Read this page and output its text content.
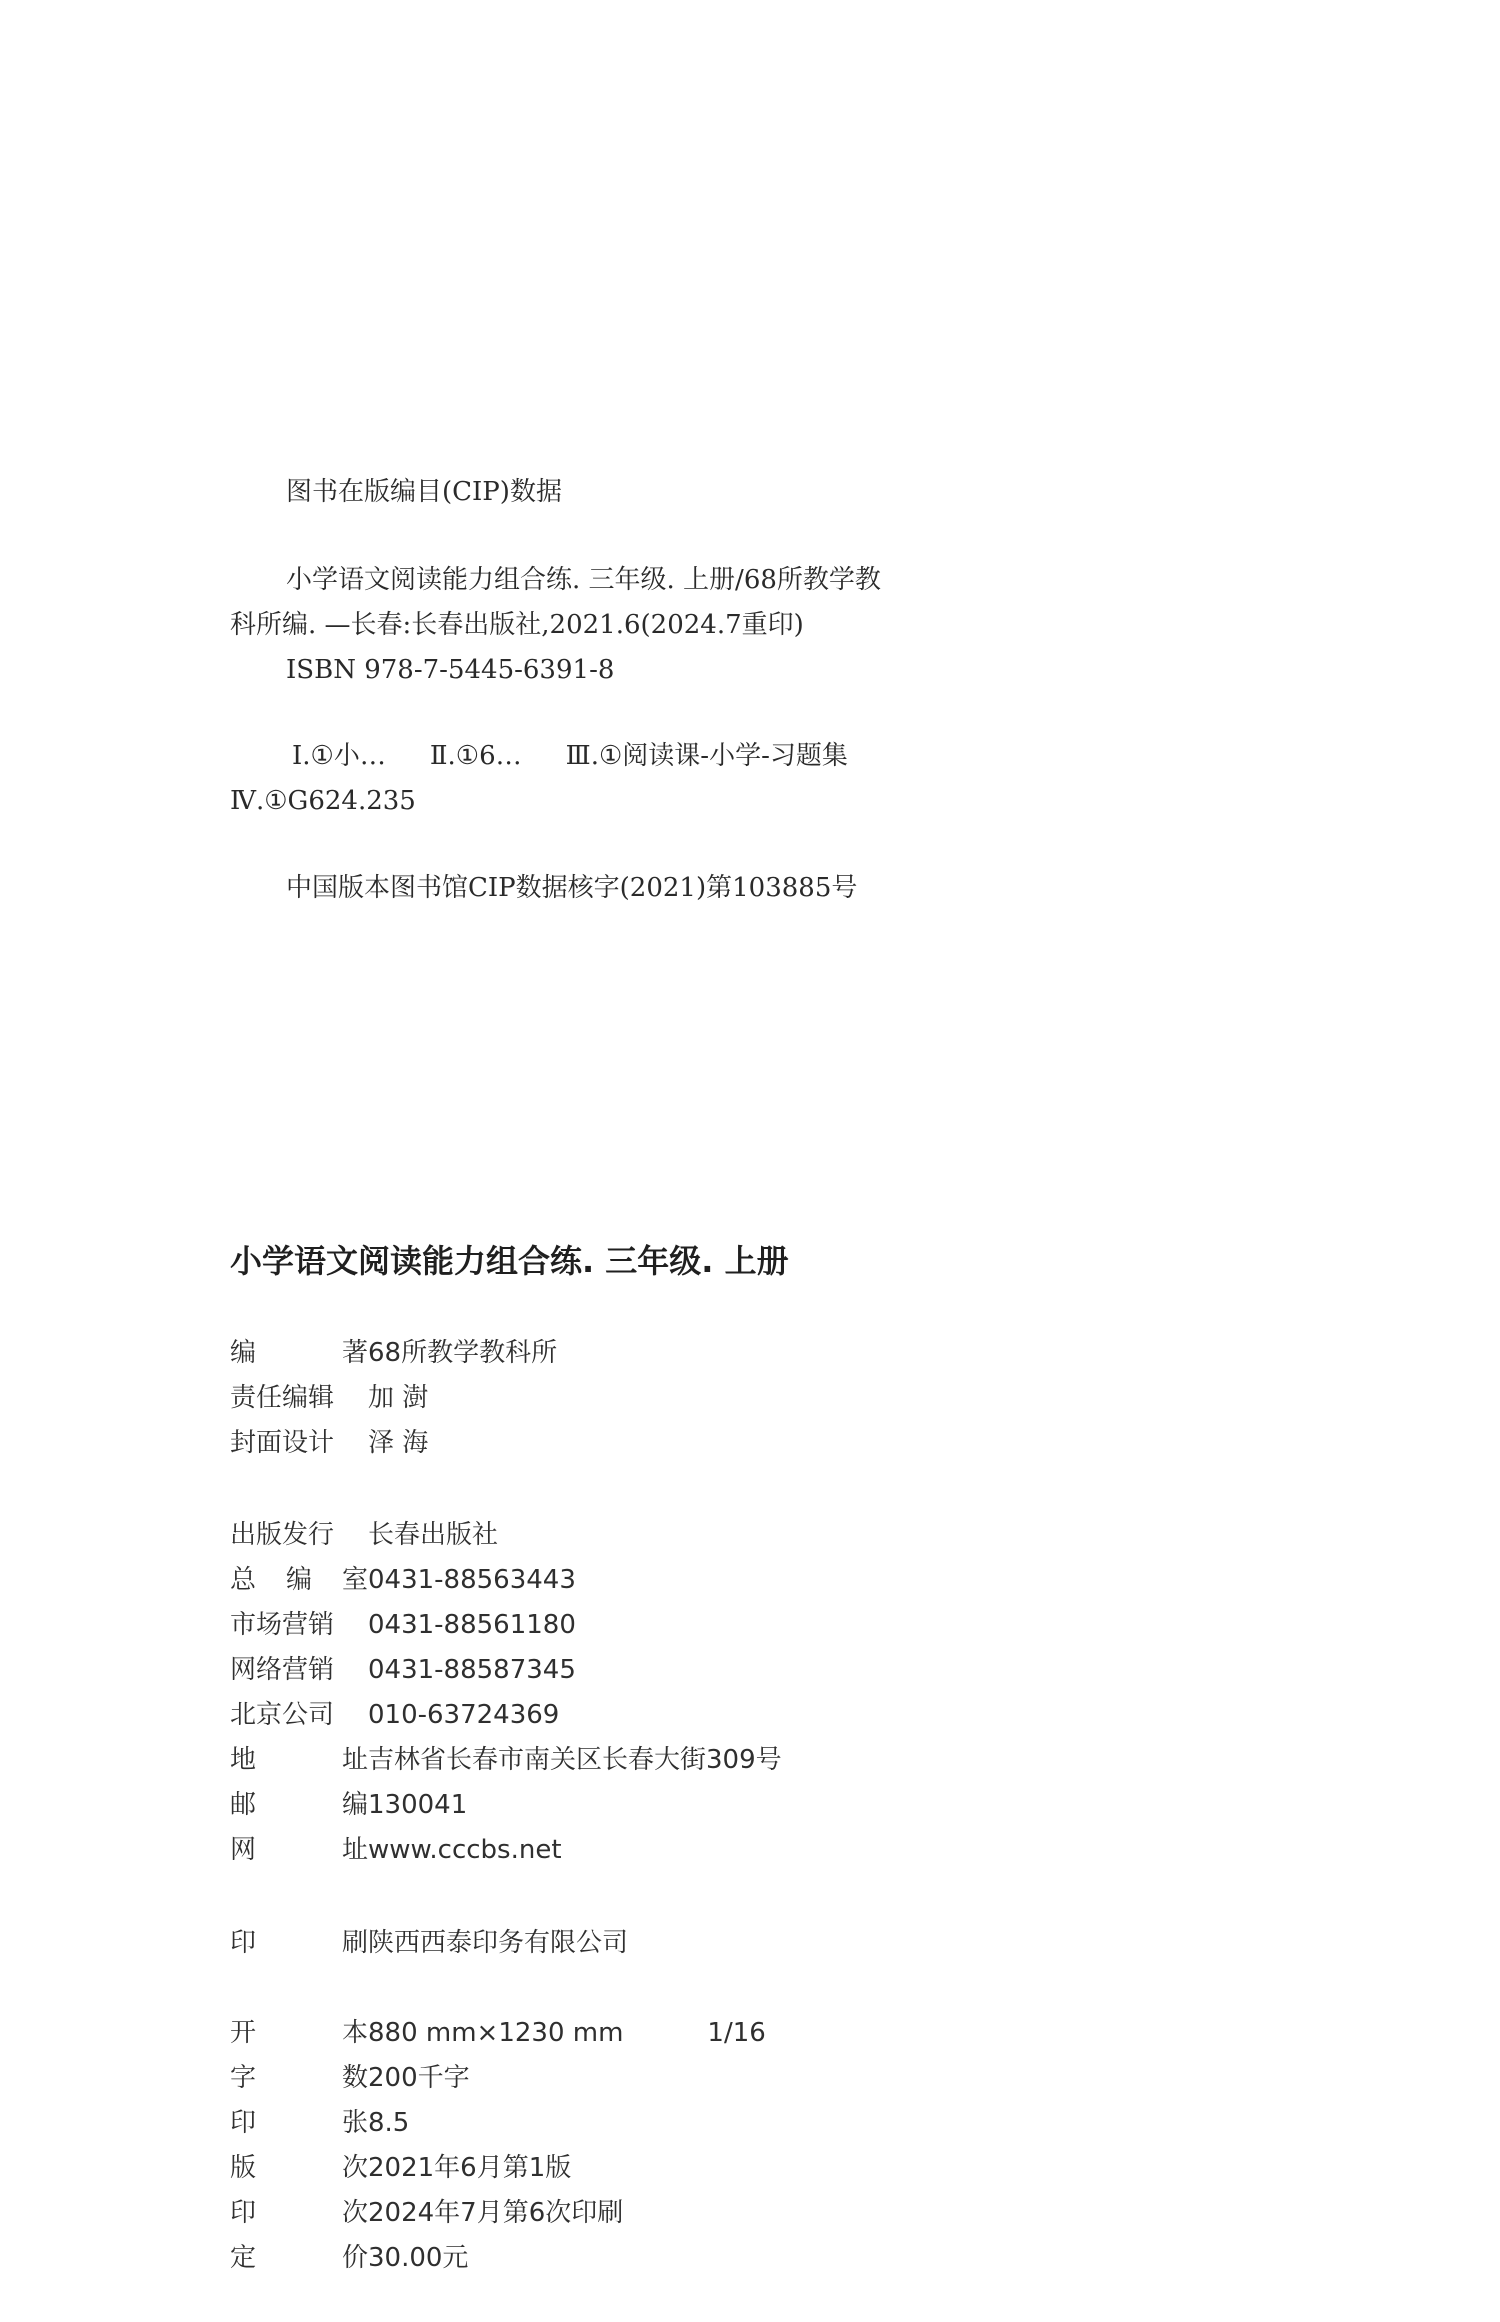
图书在版编目(CIP)数据
小学语文阅读能力组合练. 三年级. 上册/68所教学教
科所编. —长春:长春出版社,2021.6(2024.7重印)
ISBN 978-7-5445-6391-8
Ⅰ.①小… Ⅱ.①6… Ⅲ.①阅读课-小学-习题集
Ⅳ.①G624.235
中国版本图书馆CIP数据核字(2021)第103885号
小学语文阅读能力组合练. 三年级. 上册
编	著 68所教学教科所
责任编辑 加 澍
封面设计 泽 海
出版发行 长春出版社
总 编 室 0431-88563443
市场营销 0431-88561180
网络营销 0431-88587345
北京公司 010-63724369
地	址 吉林省长春市南关区长春大街309号
邮	编 130041
网	址 www.cccbs.net
印	刷 陕西西泰印务有限公司
开	本 880 mm×1230 mm	1/16
字	数 200千字
印	张 8.5
版	次 2021年6月第1版
印	次 2024年7月第6次印刷
定	价 30.00元
